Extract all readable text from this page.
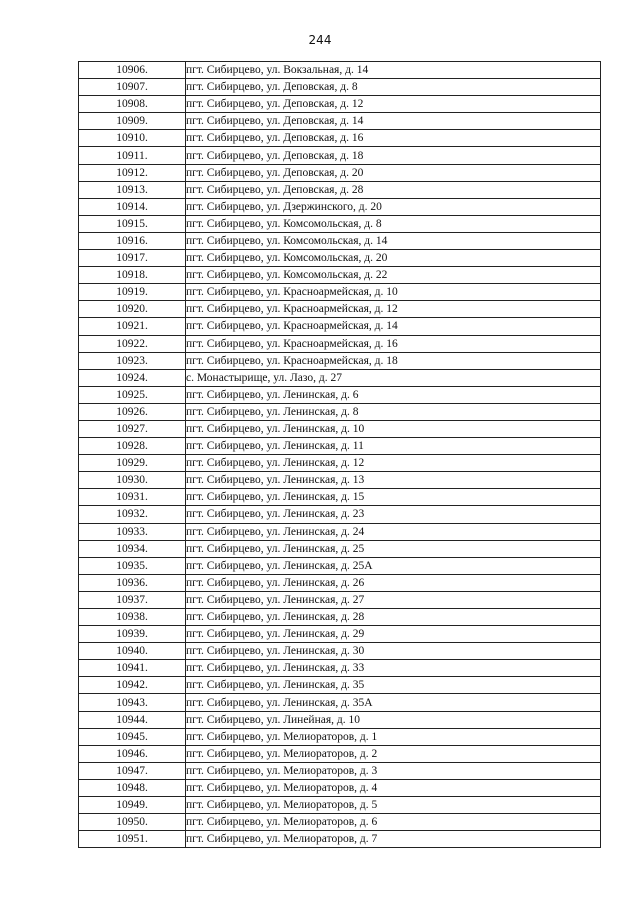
244
10906.	пгт. Сибирцево, ул. Вокзальная, д. 14
10907.	пгт. Сибирцево, ул. Деповская, д. 8
10908.	пгт. Сибирцево, ул. Деповская, д. 12
10909.	пгт. Сибирцево, ул. Деповская, д. 14
10910.	пгт. Сибирцево, ул. Деповская, д. 16
10911.	пгт. Сибирцево, ул. Деповская, д. 18
10912.	пгт. Сибирцево, ул. Деповская, д. 20
10913.	пгт. Сибирцево, ул. Деповская, д. 28
10914.	пгт. Сибирцево, ул. Дзержинского, д. 20
10915.	пгт. Сибирцево, ул. Комсомольская, д. 8
10916.	пгт. Сибирцево, ул. Комсомольская, д. 14
10917.	пгт. Сибирцево, ул. Комсомольская, д. 20
10918.	пгт. Сибирцево, ул. Комсомольская, д. 22
10919.	пгт. Сибирцево, ул. Красноармейская, д. 10
10920.	пгт. Сибирцево, ул. Красноармейская, д. 12
10921.	пгт. Сибирцево, ул. Красноармейская, д. 14
10922.	пгт. Сибирцево, ул. Красноармейская, д. 16
10923.	пгт. Сибирцево, ул. Красноармейская, д. 18
10924.	с. Монастырище, ул. Лазо, д. 27
10925.	пгт. Сибирцево, ул. Ленинская, д. 6
10926.	пгт. Сибирцево, ул. Ленинская, д. 8
10927.	пгт. Сибирцево, ул. Ленинская, д. 10
10928.	пгт. Сибирцево, ул. Ленинская, д. 11
10929.	пгт. Сибирцево, ул. Ленинская, д. 12
10930.	пгт. Сибирцево, ул. Ленинская, д. 13
10931.	пгт. Сибирцево, ул. Ленинская, д. 15
10932.	пгт. Сибирцево, ул. Ленинская, д. 23
10933.	пгт. Сибирцево, ул. Ленинская, д. 24
10934.	пгт. Сибирцево, ул. Ленинская, д. 25
10935.	пгт. Сибирцево, ул. Ленинская, д. 25А
10936.	пгт. Сибирцево, ул. Ленинская, д. 26
10937.	пгт. Сибирцево, ул. Ленинская, д. 27
10938.	пгт. Сибирцево, ул. Ленинская, д. 28
10939.	пгт. Сибирцево, ул. Ленинская, д. 29
10940.	пгт. Сибирцево, ул. Ленинская, д. 30
10941.	пгт. Сибирцево, ул. Ленинская, д. 33
10942.	пгт. Сибирцево, ул. Ленинская, д. 35
10943.	пгт. Сибирцево, ул. Ленинская, д. 35А
10944.	пгт. Сибирцево, ул. Линейная, д. 10
10945.	пгт. Сибирцево, ул. Мелиораторов, д. 1
10946.	пгт. Сибирцево, ул. Мелиораторов, д. 2
10947.	пгт. Сибирцево, ул. Мелиораторов, д. 3
10948.	пгт. Сибирцево, ул. Мелиораторов, д. 4
10949.	пгт. Сибирцево, ул. Мелиораторов, д. 5
10950.	пгт. Сибирцево, ул. Мелиораторов, д. 6
10951.	пгт. Сибирцево, ул. Мелиораторов, д. 7
